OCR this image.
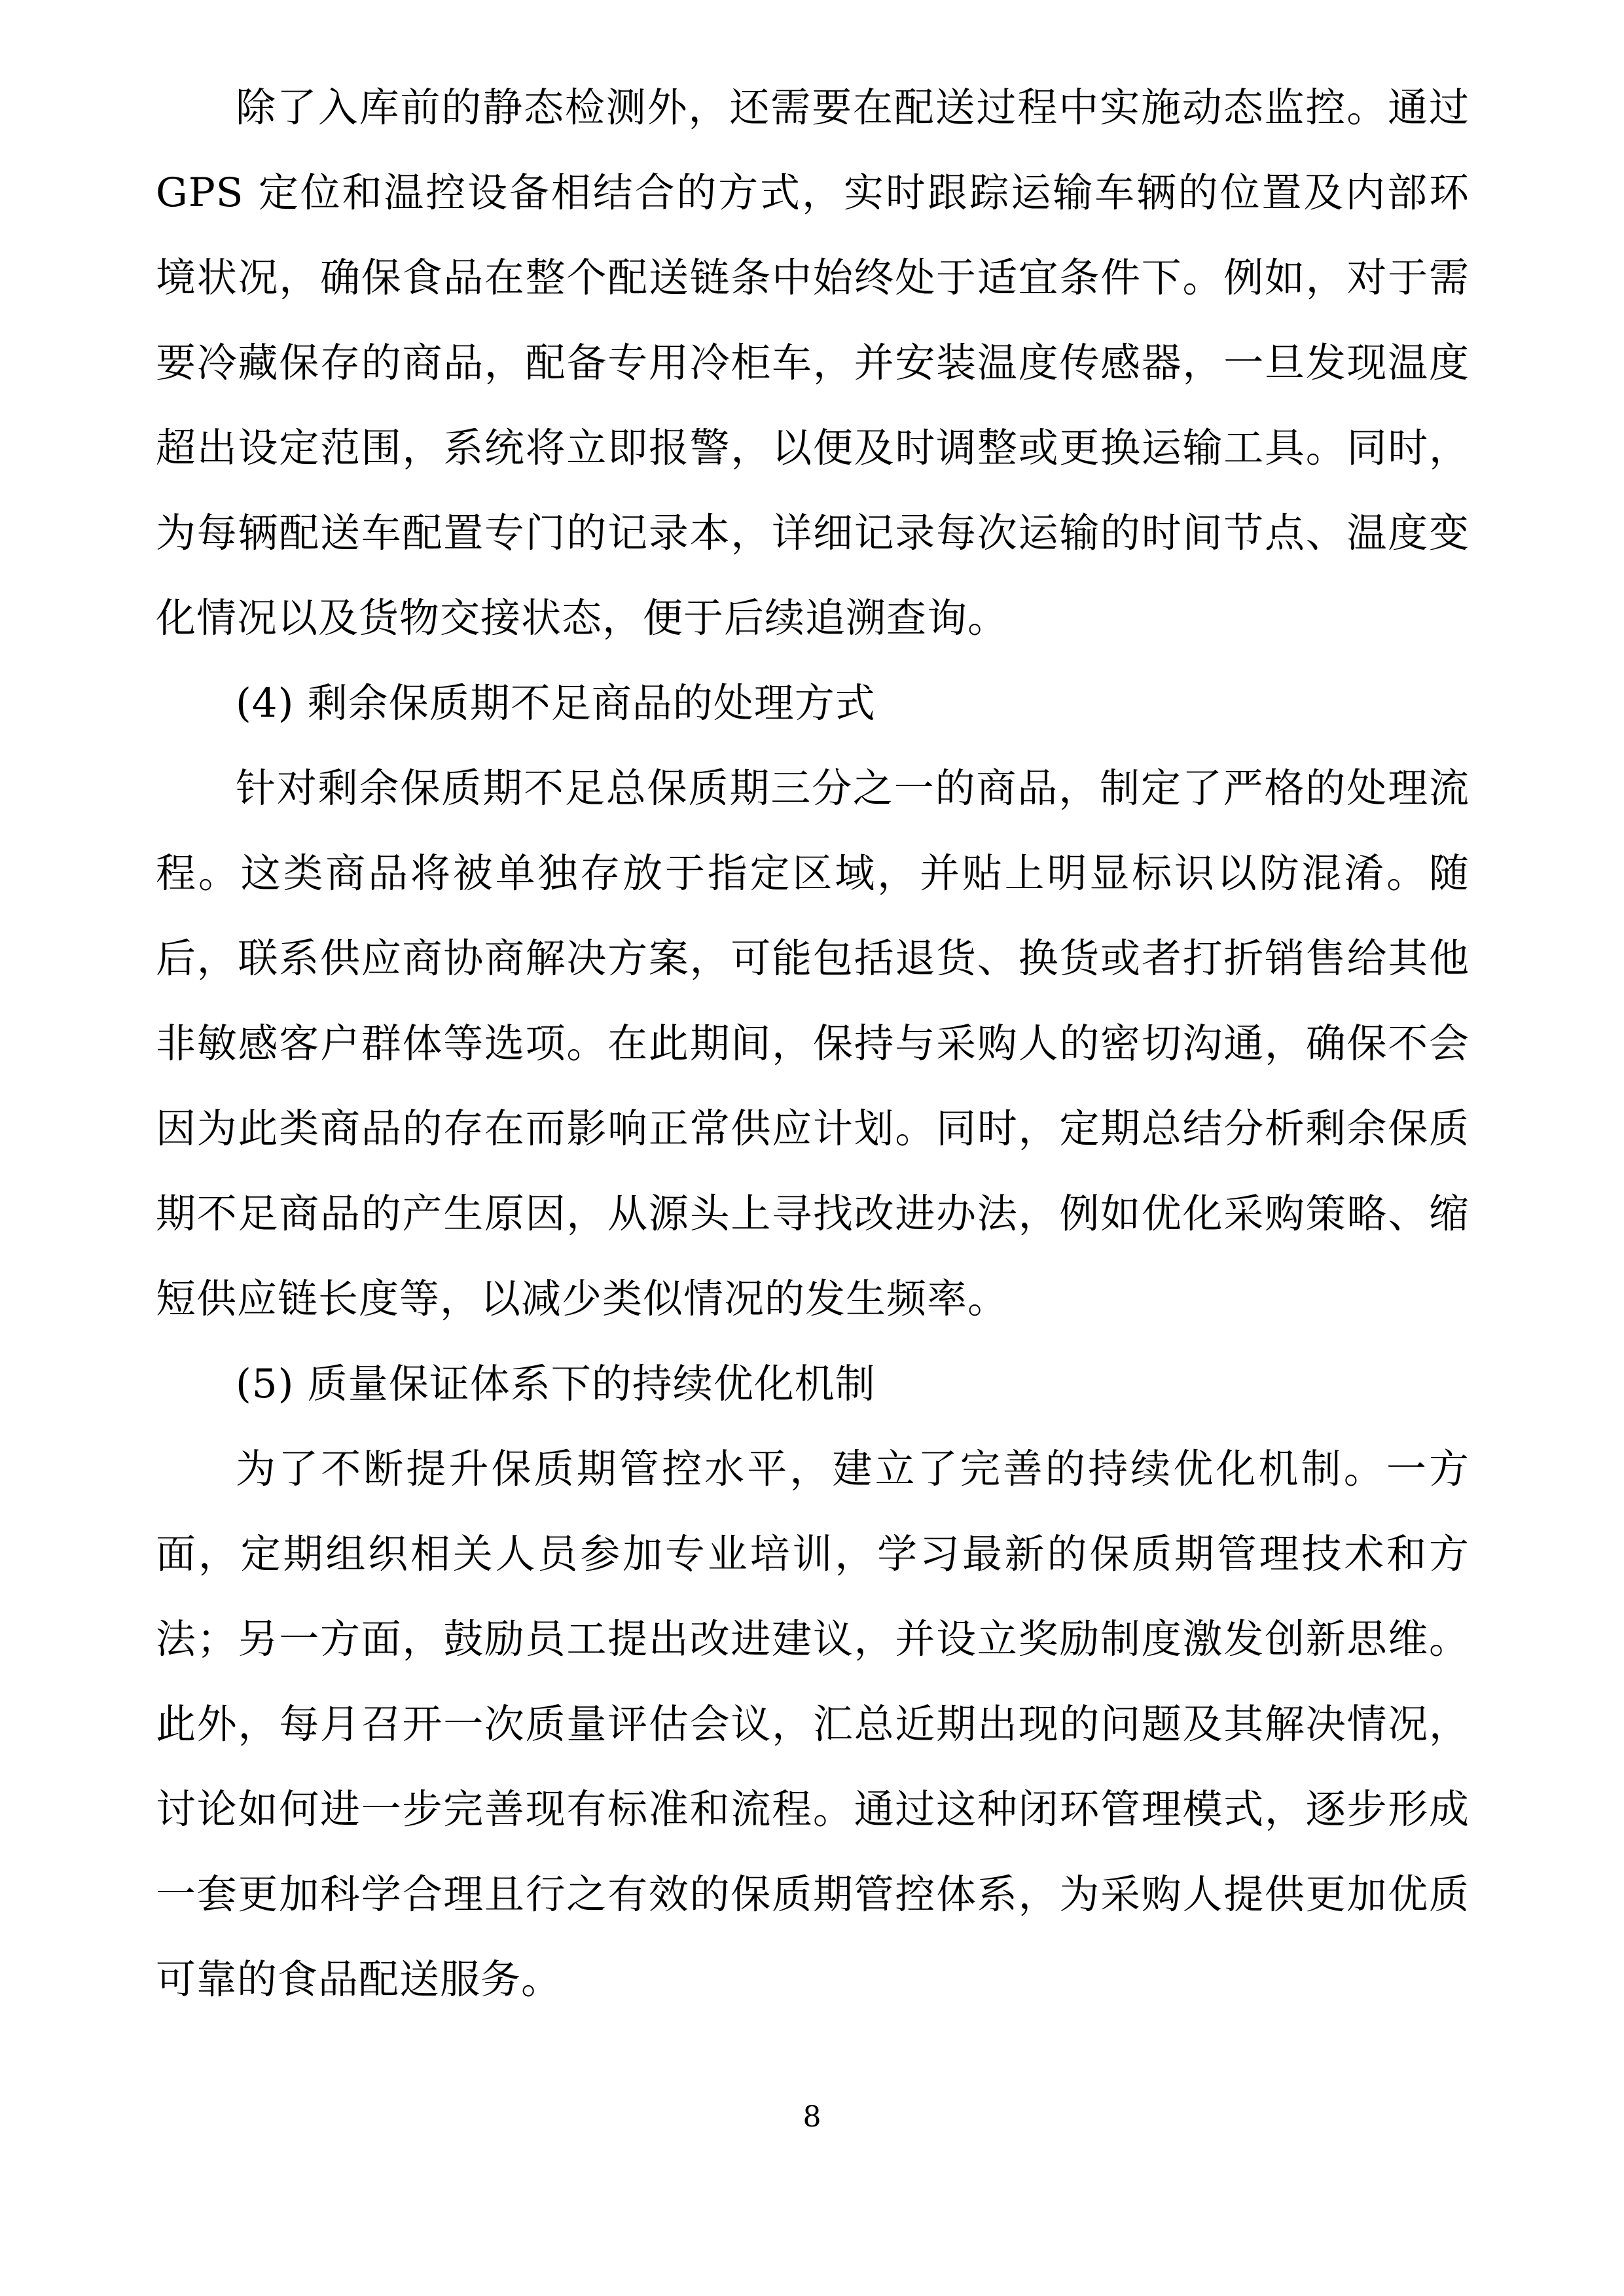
除了入库前的静态检测外，还需要在配送过程中实施动态监控。通过 GPS 定位和温控设备相结合的方式，实时跟踪运输车辆的位置及内部环境状况，确保食品在整个配送链条中始终处于适宜条件下。例如，对于需要冷藏保存的商品，配备专用冷柜车，并安装温度传感器，一旦发现温度超出设定范围，系统将立即报警，以便及时调整或更换运输工具。同时，为每辆配送车配置专门的记录本，详细记录每次运输的时间节点、温度变化情况以及货物交接状态，便于后续追溯查询。

(4) 剩余保质期不足商品的处理方式

针对剩余保质期不足总保质期三分之一的商品，制定了严格的处理流程。这类商品将被单独存放于指定区域，并贴上明显标识以防混淆。随后，联系供应商协商解决方案，可能包括退货、换货或者打折销售给其他非敏感客户群体等选项。在此期间，保持与采购人的密切沟通，确保不会因为此类商品的存在而影响正常供应计划。同时，定期总结分析剩余保质期不足商品的产生原因，从源头上寻找改进办法，例如优化采购策略、缩短供应链长度等，以减少类似情况的发生频率。

(5) 质量保证体系下的持续优化机制

为了不断提升保质期管控水平，建立了完善的持续优化机制。一方面，定期组织相关人员参加专业培训，学习最新的保质期管理技术和方法；另一方面，鼓励员工提出改进建议，并设立奖励制度激发创新思维。此外，每月召开一次质量评估会议，汇总近期出现的问题及其解决情况，讨论如何进一步完善现有标准和流程。通过这种闭环管理模式，逐步形成一套更加科学合理且行之有效的保质期管控体系，为采购人提供更加优质可靠的食品配送服务。

8
